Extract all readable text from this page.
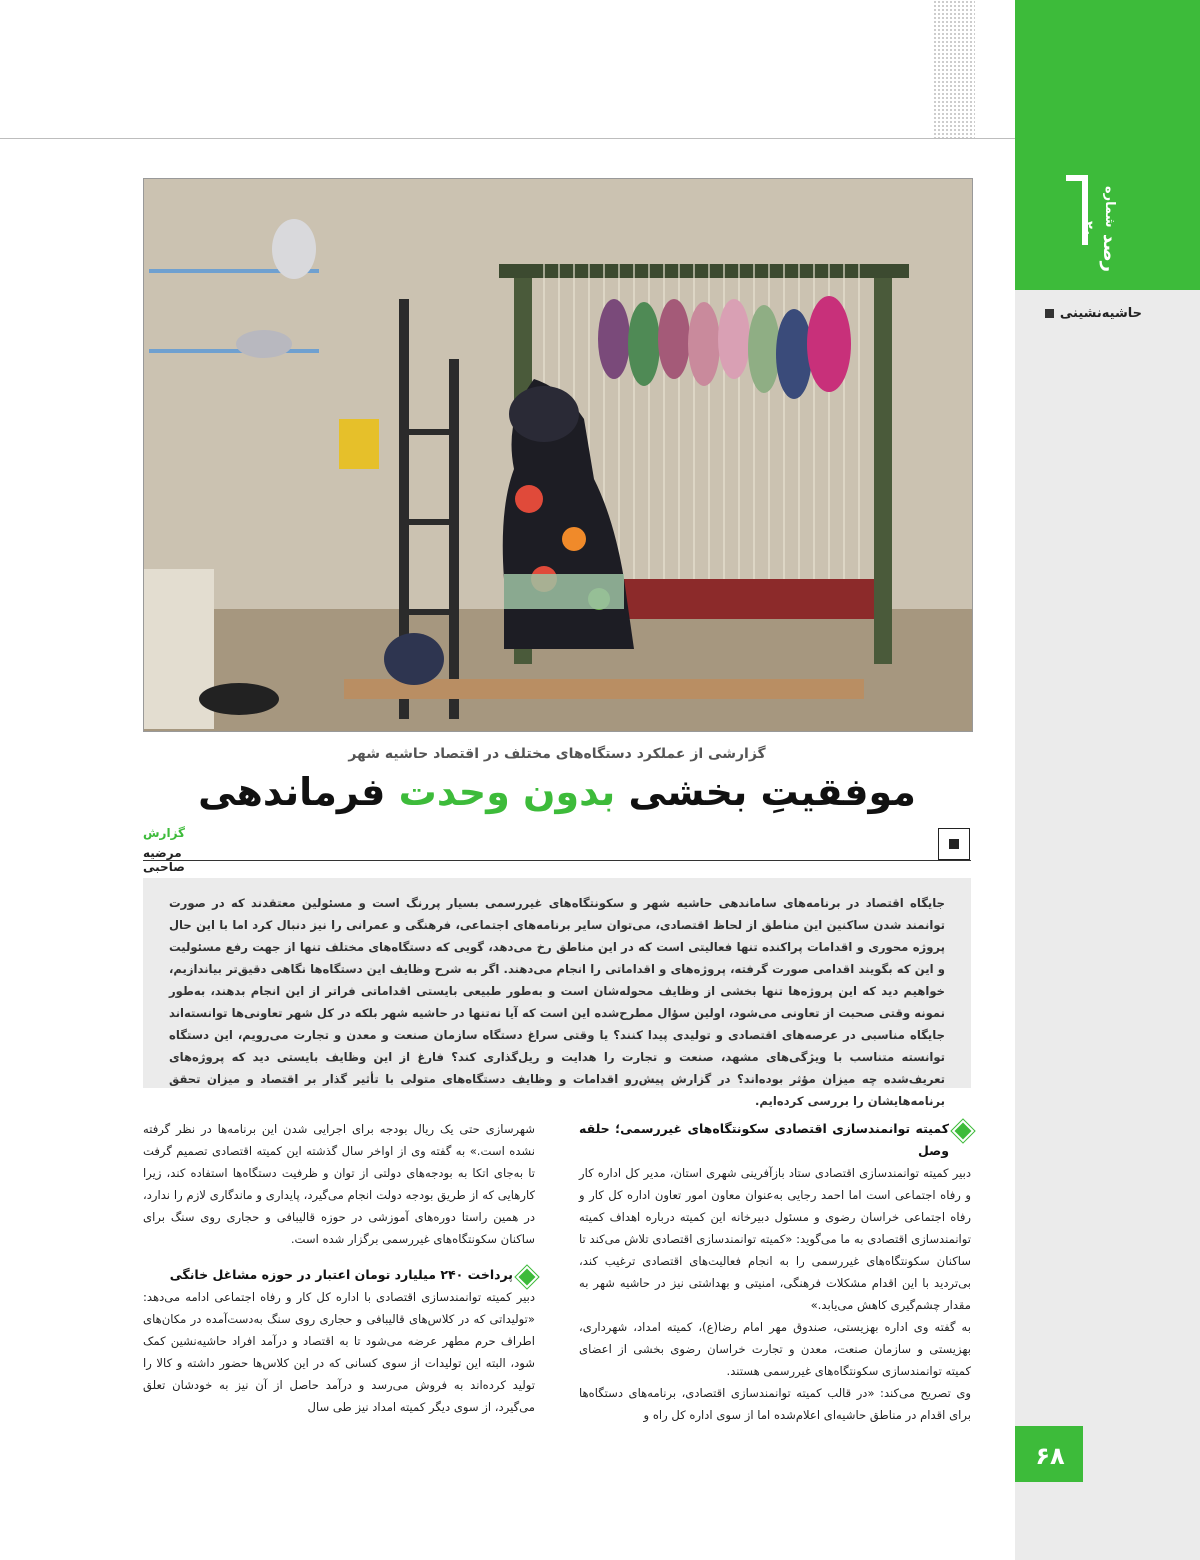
رصد شماره ۲۰
حاشیه‌نشینی
۶۸
گزارشی از عملکرد دستگاه‌های مختلف در اقتصاد حاشیه شهر
موفقیتِ بخشی بدون وحدت فرماندهی
گزارش
مرضیه صاحبی
جایگاه اقتصاد در برنامه‌های ساماندهی حاشیه شهر و سکونتگاه‌های غیررسمی بسیار پررنگ است و مسئولین معتقدند که در صورت توانمند شدن ساکنین این مناطق از لحاظ اقتصادی، می‌توان سایر برنامه‌های اجتماعی، فرهنگی و عمرانی را نیز دنبال کرد اما با این حال پروژه محوری و اقدامات پراکنده تنها فعالیتی است که در این مناطق رخ می‌دهد، گویی که دستگاه‌های مختلف تنها از جهت رفع مسئولیت و این که بگویند اقدامی صورت گرفته، پروژه‌های و اقداماتی را انجام می‌دهند. اگر به شرح وظایف این دستگاه‌ها نگاهی دقیق‌تر بیاندازیم، خواهیم دید که این پروژه‌ها تنها بخشی از وظایف محوله‌شان است و به‌طور طبیعی بایستی اقداماتی فراتر از این انجام بدهند، به‌طور نمونه وقتی صحبت از تعاونی می‌شود، اولین سؤال مطرح‌شده این است که آیا نه‌تنها در حاشیه شهر بلکه در کل شهر تعاونی‌ها توانسته‌اند جایگاه مناسبی در عرصه‌های اقتصادی و تولیدی پیدا کنند؟ یا وقتی سراغ دستگاه سازمان صنعت و معدن و تجارت می‌رویم، این دستگاه توانسته متناسب با ویژگی‌های مشهد، صنعت و تجارت را هدایت و ریل‌گذاری کند؟ فارغ از این وظایف بایستی دید که پروژه‌های تعریف‌شده چه میزان مؤثر بوده‌اند؟ در گزارش پیش‌رو اقدامات و وظایف دستگاه‌های متولی با تأثیر گذار بر اقتصاد و میزان تحقق برنامه‌هایشان را بررسی کرده‌ایم.
کمیته توانمندسازی اقتصادی سکونتگاه‌های غیررسمی؛ حلقه وصل

دبیر کمیته توانمندسازی اقتصادی ستاد بازآفرینی شهری استان، مدیر کل اداره کار و رفاه اجتماعی است اما احمد رجایی به‌عنوان معاون امور تعاون اداره کل کار و رفاه اجتماعی خراسان رضوی و مسئول دبیرخانه این کمیته درباره اهداف کمیته توانمندسازی اقتصادی به ما می‌گوید: «کمیته توانمندسازی اقتصادی تلاش می‌کند تا ساکنان سکونتگاه‌های غیررسمی را به انجام فعالیت‌های اقتصادی ترغیب کند، بی‌تردید با این اقدام مشکلات فرهنگی، امنیتی و بهداشتی نیز در حاشیه شهر به مقدار چشم‌گیری کاهش می‌یابد.»

به گفته وی اداره بهزیستی، صندوق مهر امام رضا(ع)، کمیته امداد، شهرداری، بهزیستی و سازمان صنعت، معدن و تجارت خراسان رضوی بخشی از اعضای کمیته توانمندسازی سکونتگاه‌های غیررسمی هستند.

وی تصریح می‌کند: «در قالب کمیته توانمندسازی اقتصادی، برنامه‌های دستگاه‌ها برای اقدام در مناطق حاشیه‌ای اعلام‌شده اما از سوی اداره کل راه و

شهرسازی حتی یک ریال بودجه برای اجرایی شدن این برنامه‌ها در نظر گرفته نشده است.» به گفته وی از اواخر سال گذشته این کمیته اقتصادی تصمیم گرفت تا به‌جای اتکا به بودجه‌های دولتی از توان و ظرفیت دستگاه‌ها استفاده کند، زیرا کارهایی که از طریق بودجه دولت انجام می‌گیرد، پایداری و ماندگاری لازم را ندارد، در همین راستا دوره‌های آموزشی در حوزه قالیبافی و حجاری روی سنگ برای ساکنان سکونتگاه‌های غیررسمی برگزار شده است.

پرداخت ۲۴۰ میلیارد تومان اعتبار در حوزه مشاغل خانگی

دبیر کمیته توانمندسازی اقتصادی با اداره کل کار و رفاه اجتماعی ادامه می‌دهد: «تولیداتی که در کلاس‌های قالیبافی و حجاری روی سنگ به‌دست‌آمده در مکان‌های اطراف حرم مطهر عرضه می‌شود تا به اقتصاد و درآمد افراد حاشیه‌نشین کمک شود، البته این تولیدات از سوی کسانی که در این کلاس‌ها حضور داشته و کالا را تولید کرده‌اند به فروش می‌رسد و درآمد حاصل از آن نیز به خودشان تعلق می‌گیرد، از سوی دیگر کمیته امداد نیز طی سال
